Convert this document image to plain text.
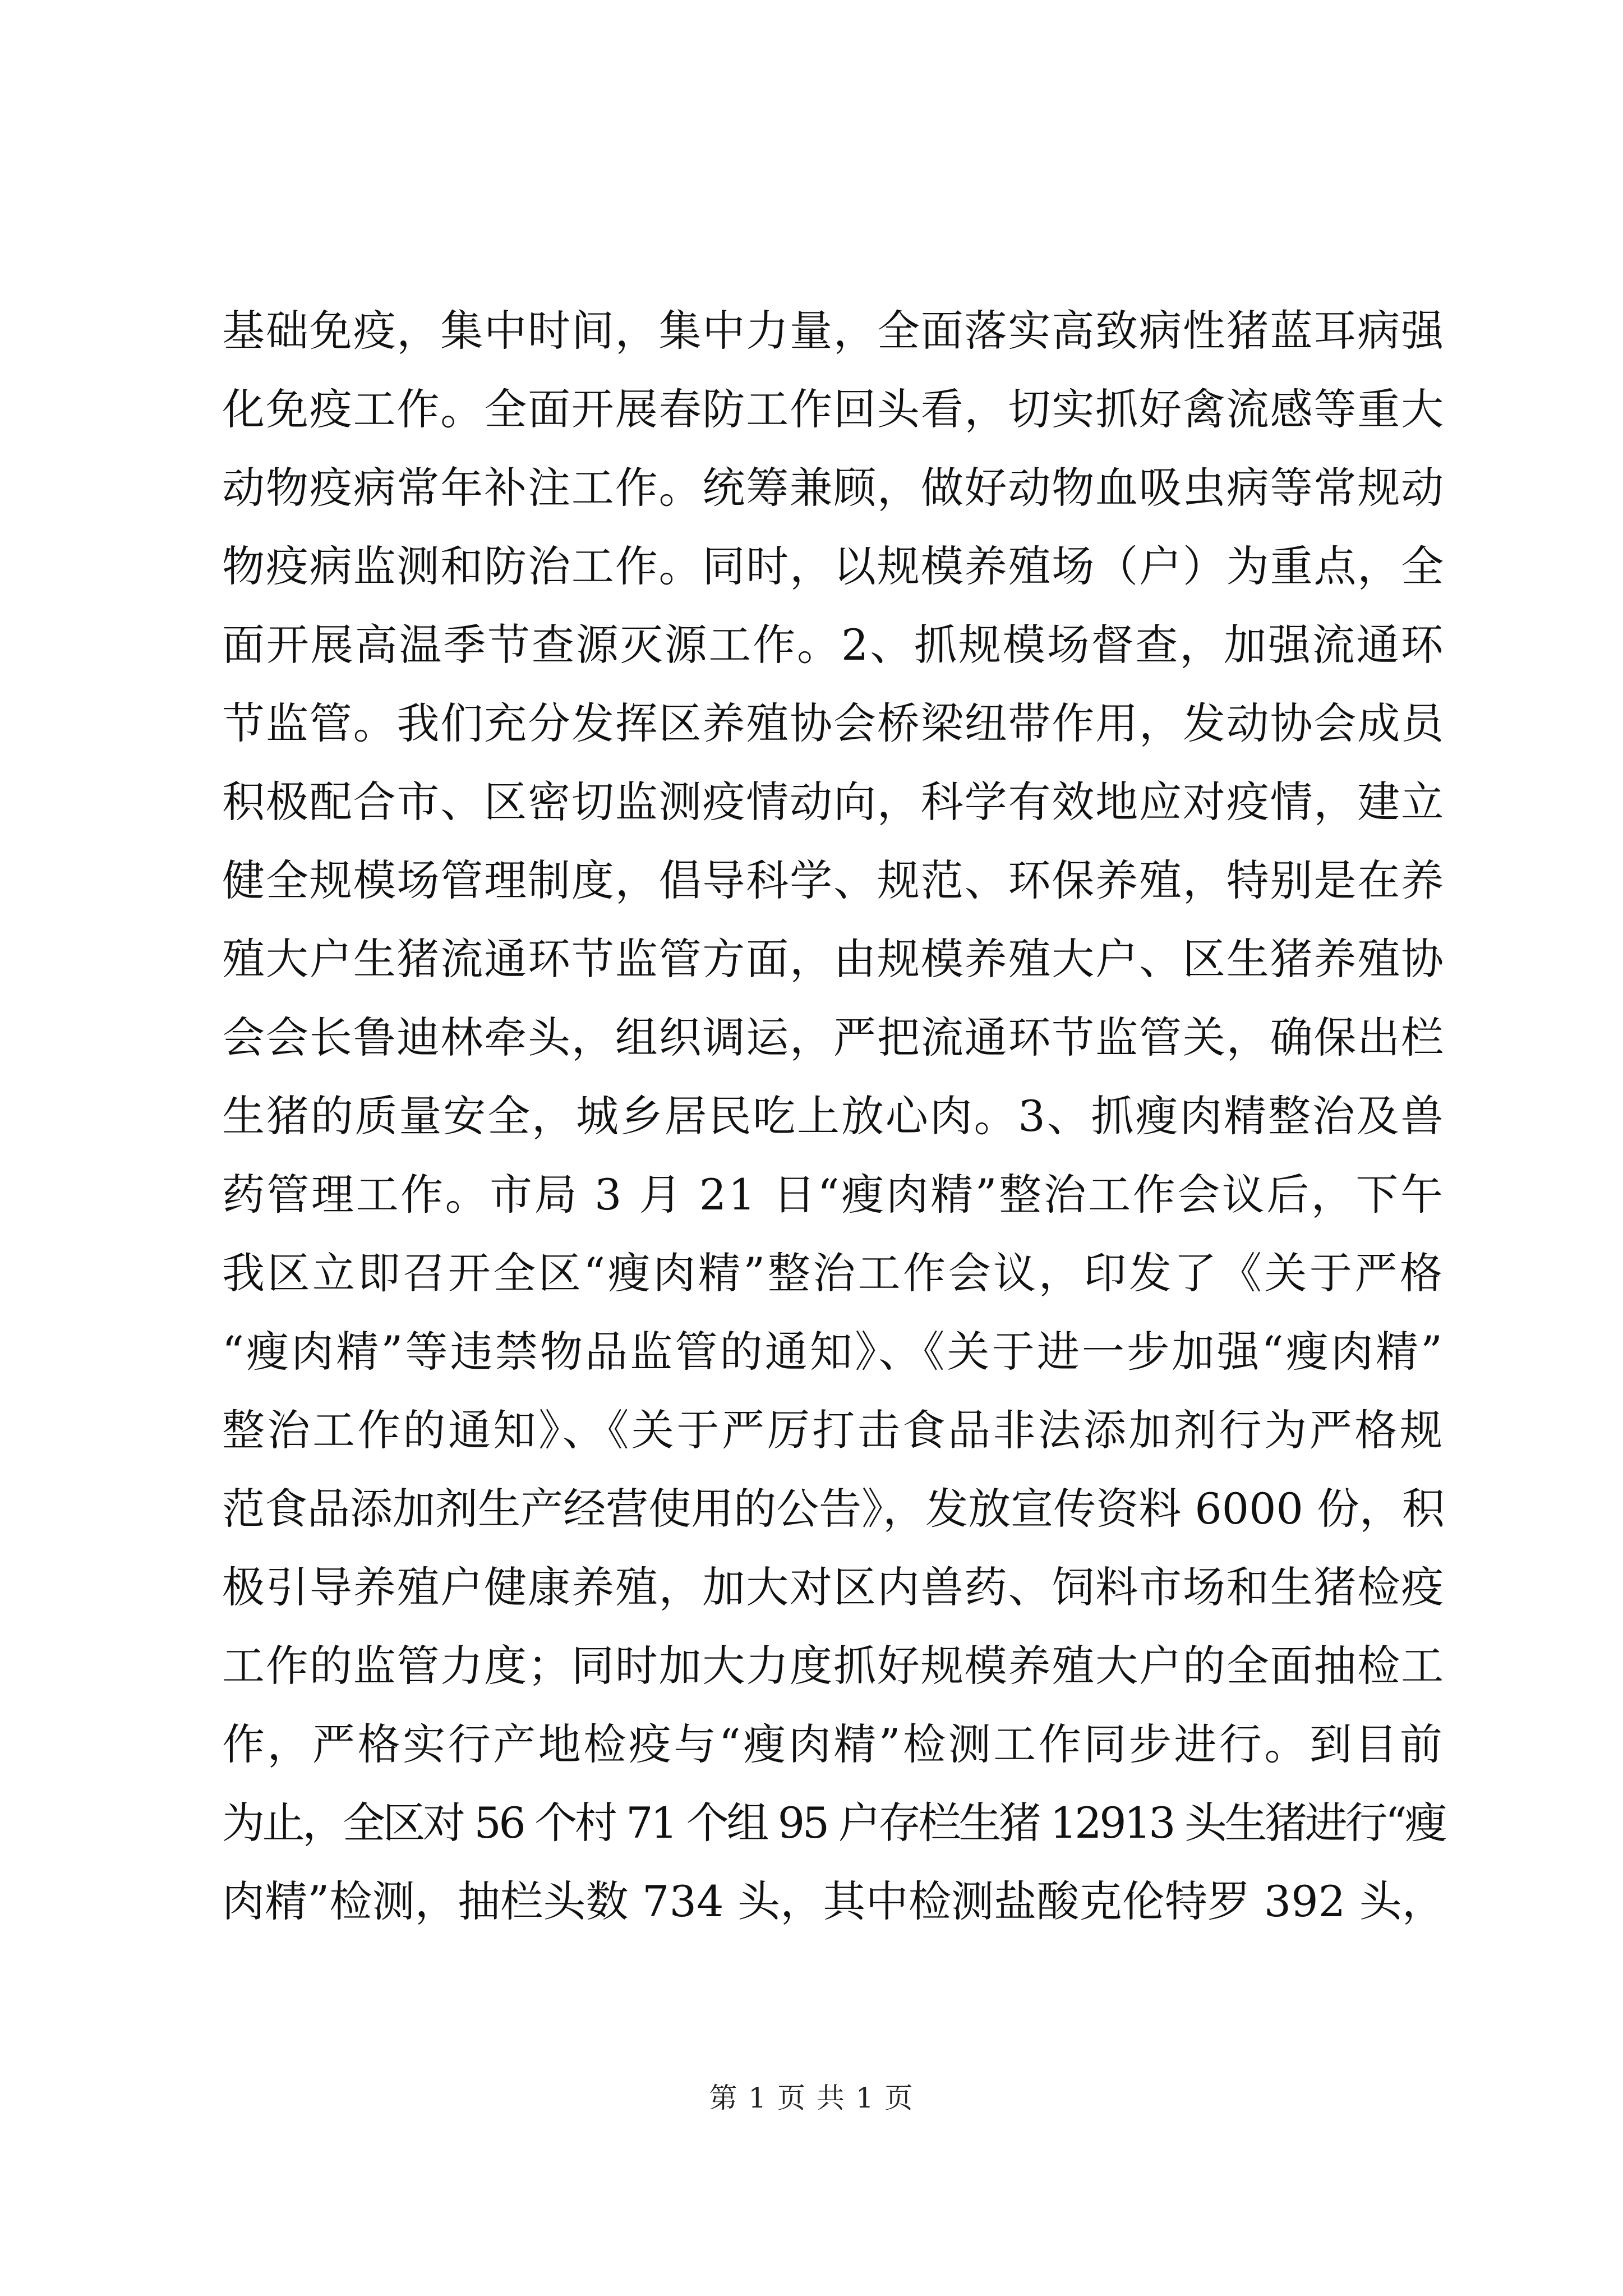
基础免疫，集中时间，集中力量，全面落实高致病性猪蓝耳病强
化免疫工作。全面开展春防工作回头看，切实抓好禽流感等重大
动物疫病常年补注工作。统筹兼顾，做好动物血吸虫病等常规动
物疫病监测和防治工作。同时，以规模养殖场（户）为重点，全
面开展高温季节查源灭源工作。2、抓规模场督查，加强流通环
节监管。我们充分发挥区养殖协会桥梁纽带作用，发动协会成员
积极配合市、区密切监测疫情动向，科学有效地应对疫情，建立
健全规模场管理制度，倡导科学、规范、环保养殖，特别是在养
殖大户生猪流通环节监管方面，由规模养殖大户、区生猪养殖协
会会长鲁迪林牵头，组织调运，严把流通环节监管关，确保出栏
生猪的质量安全，城乡居民吃上放心肉。3、抓瘦肉精整治及兽
药管理工作。市局 3 月 21 日“瘦肉精”整治工作会议后，下午
我区立即召开全区“瘦肉精”整治工作会议，印发了《关于严格
“瘦肉精”等违禁物品监管的通知》、《关于进一步加强“瘦肉精”
整治工作的通知》、《关于严厉打击食品非法添加剂行为严格规
范食品添加剂生产经营使用的公告》，发放宣传资料 6000 份，积
极引导养殖户健康养殖，加大对区内兽药、饲料市场和生猪检疫
工作的监管力度；同时加大力度抓好规模养殖大户的全面抽检工
作，严格实行产地检疫与“瘦肉精”检测工作同步进行。到目前
为止，全区对 56 个村 71 个组 95 户存栏生猪 12913 头生猪进行“瘦
肉精”检测，抽栏头数 734 头，其中检测盐酸克伦特罗 392 头，
第 1 页 共 1 页
